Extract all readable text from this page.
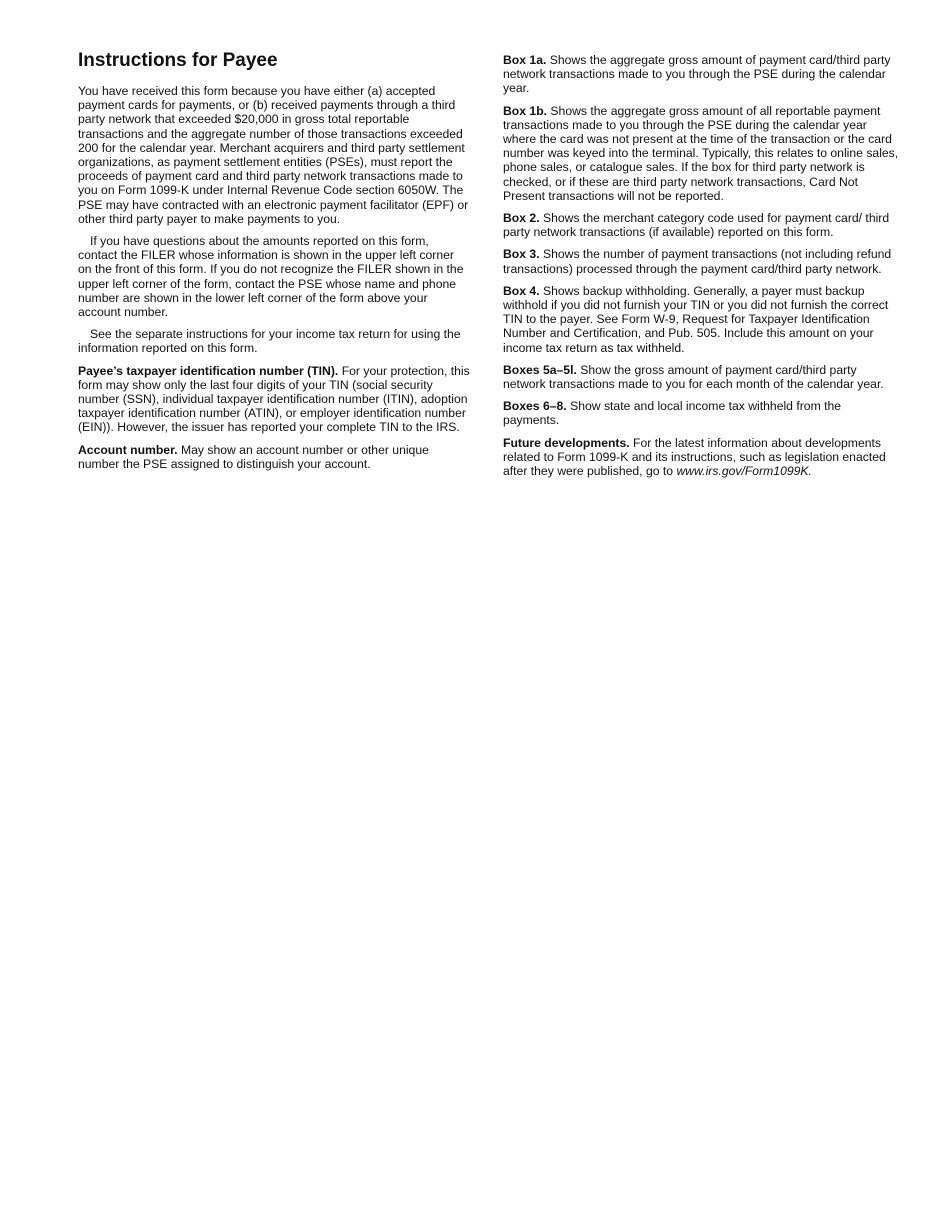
Instructions for Payee

You have received this form because you have either (a) accepted payment cards for payments, or (b) received payments through a third party network that exceeded $20,000 in gross total reportable transactions and the aggregate number of those transactions exceeded 200 for the calendar year. Merchant acquirers and third party settlement organizations, as payment settlement entities (PSEs), must report the proceeds of payment card and third party network transactions made to you on Form 1099-K under Internal Revenue Code section 6050W. The PSE may have contracted with an electronic payment facilitator (EPF) or other third party payer to make payments to you.

If you have questions about the amounts reported on this form, contact the FILER whose information is shown in the upper left corner on the front of this form. If you do not recognize the FILER shown in the upper left corner of the form, contact the PSE whose name and phone number are shown in the lower left corner of the form above your account number.

See the separate instructions for your income tax return for using the information reported on this form.

Payee’s taxpayer identification number (TIN). For your protection, this form may show only the last four digits of your TIN (social security number (SSN), individual taxpayer identification number (ITIN), adoption taxpayer identification number (ATIN), or employer identification number (EIN)). However, the issuer has reported your complete TIN to the IRS.

Account number. May show an account number or other unique number the PSE assigned to distinguish your account.

Box 1a. Shows the aggregate gross amount of payment card/third party network transactions made to you through the PSE during the calendar year.

Box 1b. Shows the aggregate gross amount of all reportable payment transactions made to you through the PSE during the calendar year where the card was not present at the time of the transaction or the card number was keyed into the terminal. Typically, this relates to online sales, phone sales, or catalogue sales. If the box for third party network is checked, or if these are third party network transactions, Card Not Present transactions will not be reported.

Box 2. Shows the merchant category code used for payment card/ third party network transactions (if available) reported on this form.

Box 3. Shows the number of payment transactions (not including refund transactions) processed through the payment card/third party network.

Box 4. Shows backup withholding. Generally, a payer must backup withhold if you did not furnish your TIN or you did not furnish the correct TIN to the payer. See Form W-9, Request for Taxpayer Identification Number and Certification, and Pub. 505. Include this amount on your income tax return as tax withheld.

Boxes 5a–5l. Show the gross amount of payment card/third party network transactions made to you for each month of the calendar year.

Boxes 6–8. Show state and local income tax withheld from the payments.

Future developments. For the latest information about developments related to Form 1099-K and its instructions, such as legislation enacted after they were published, go to www.irs.gov/Form1099K.
